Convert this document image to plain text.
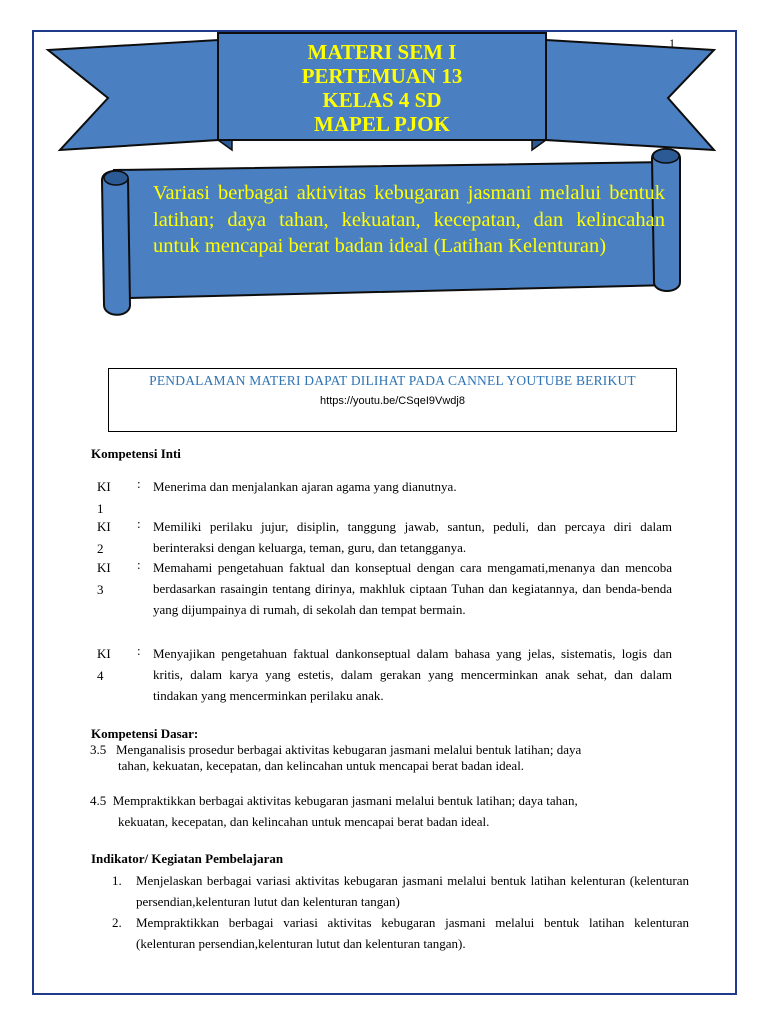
1
MATERI SEM I
PERTEMUAN 13
KELAS 4 SD
MAPEL PJOK
Variasi berbagai aktivitas kebugaran jasmani melalui bentuk latihan; daya tahan, kekuatan, kecepatan, dan kelincahan untuk mencapai berat badan ideal (Latihan Kelenturan)
PENDALAMAN MATERI DAPAT DILIHAT PADA CANNEL YOUTUBE BERIKUT
https://youtu.be/CSqeI9Vwdj8
Kompetensi Inti
KI
1
: Menerima dan menjalankan ajaran agama yang dianutnya.
KI
2
: Memiliki perilaku jujur, disiplin, tanggung jawab, santun, peduli, dan percaya diri dalam berinteraksi dengan keluarga, teman, guru, dan tetangganya.
KI
3
: Memahami pengetahuan faktual dan konseptual dengan cara mengamati,menanya dan mencoba berdasarkan rasaingin tentang dirinya, makhluk ciptaan Tuhan dan kegiatannya, dan benda-benda yang dijumpainya di rumah, di sekolah dan tempat bermain.
KI
4
: Menyajikan pengetahuan faktual dankonseptual dalam bahasa yang jelas, sistematis, logis dan kritis, dalam karya yang estetis, dalam gerakan yang mencerminkan anak sehat, dan dalam tindakan yang mencerminkan perilaku anak.
Kompetensi Dasar:
3.5 Menganalisis prosedur berbagai aktivitas kebugaran jasmani melalui bentuk latihan; daya
tahan, kekuatan, kecepatan, dan kelincahan untuk mencapai berat badan ideal.
4.5 Mempraktikkan berbagai aktivitas kebugaran jasmani melalui bentuk latihan; daya tahan,
kekuatan, kecepatan, dan kelincahan untuk mencapai berat badan ideal.
Indikator/ Kegiatan Pembelajaran
1. Menjelaskan berbagai variasi aktivitas kebugaran jasmani melalui bentuk latihan kelenturan (kelenturan persendian,kelenturan lutut dan kelenturan tangan)
2. Mempraktikkan berbagai variasi aktivitas kebugaran jasmani melalui bentuk latihan kelenturan (kelenturan persendian,kelenturan lutut dan kelenturan tangan).
